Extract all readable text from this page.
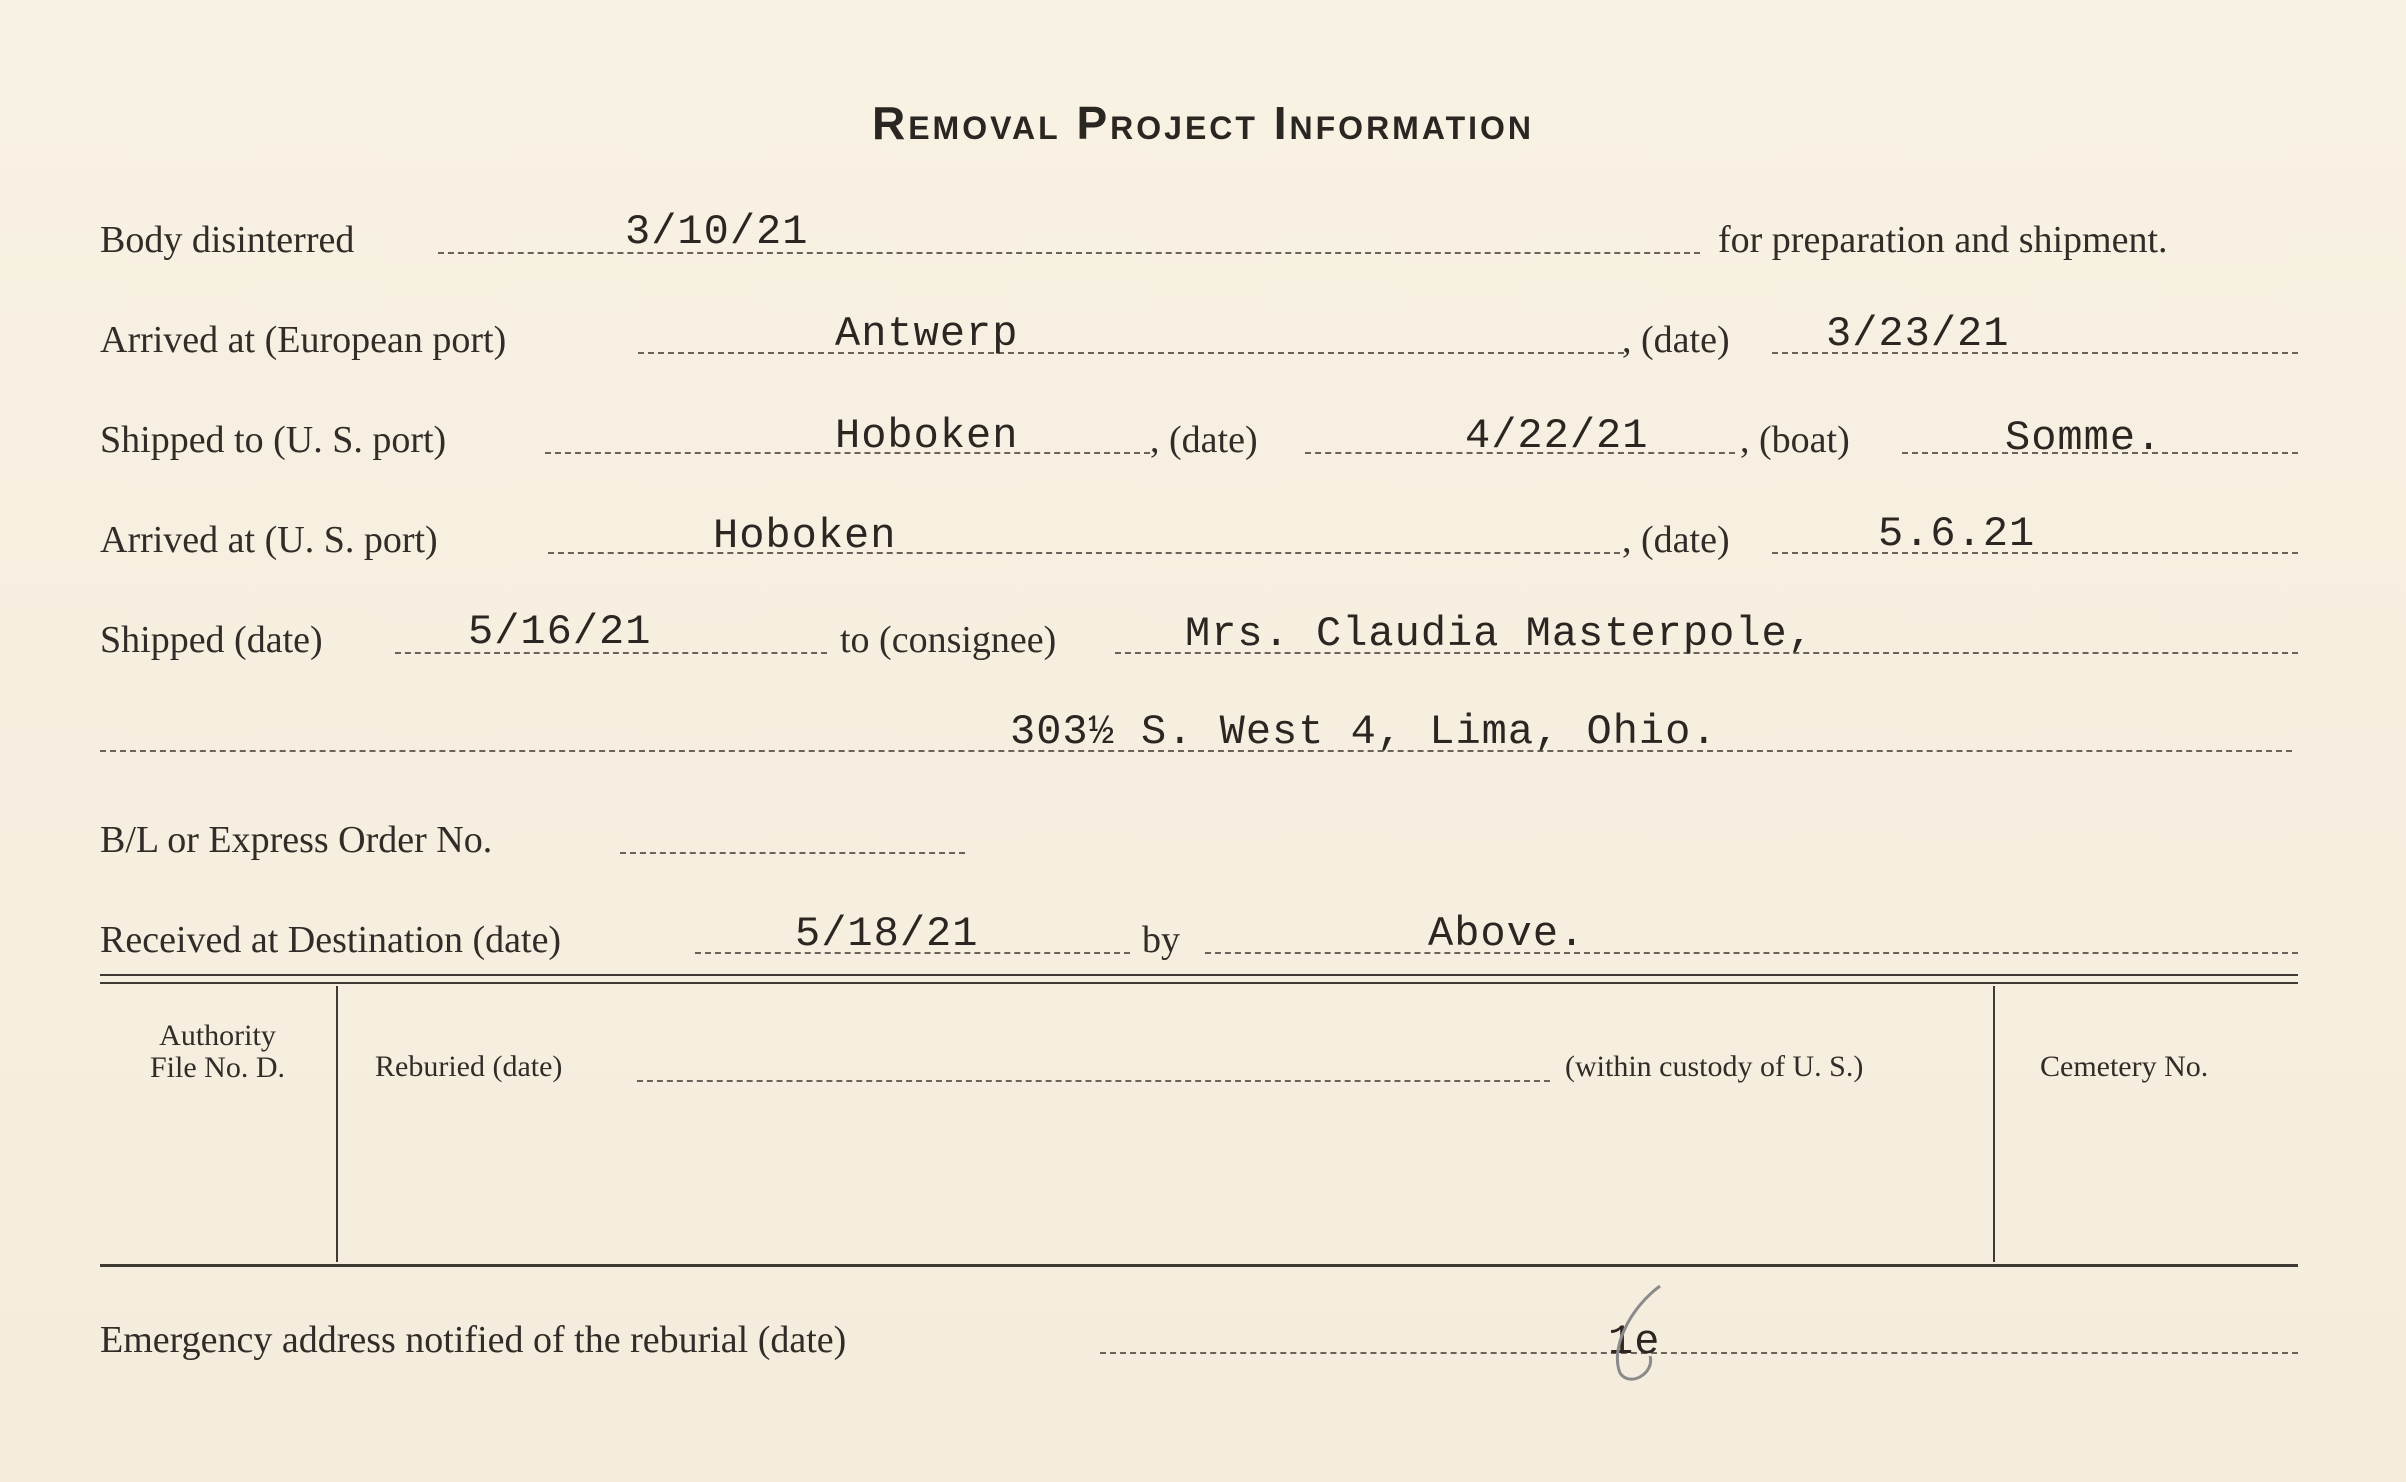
Removal Project Information
Body disinterred	3/10/21	for preparation and shipment.
Arrived at (European port)	Antwerp	, (date) 3/23/21
Shipped to (U. S. port)	Hoboken	, (date)	4/22/21 , (boat)	Somme.
Arrived at (U. S. port)	Hoboken	, (date)	5.6.21
Shipped (date)	5/16/21	to (consignee)	Mrs. Claudia Masterpole,
303½ S. West 4, Lima, Ohio.
B/L or Express Order No.
Received at Destination (date)	5/18/21	by	Above.
Authority
File No. D.	Reburied (date)	(within custody of U. S.)	Cemetery No.
Emergency address notified of the reburial (date)	1e
